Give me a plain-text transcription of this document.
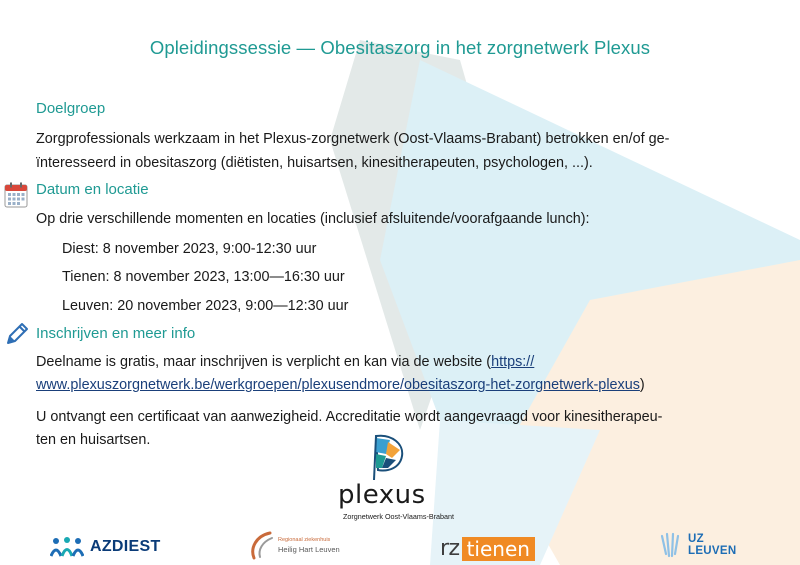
Opleidingssessie — Obesitaszorg in het zorgnetwerk Plexus
Doelgroep
Zorgprofessionals werkzaam in het Plexus-zorgnetwerk (Oost-Vlaams-Brabant) betrokken en/of ge-
ïnteresseerd in obesitaszorg (diëtisten, huisartsen, kinesitherapeuten, psychologen, ...).
Datum en locatie
Op drie verschillende momenten en locaties (inclusief afsluitende/voorafgaande lunch):
Diest: 8 november 2023, 9:00-12:30 uur
Tienen: 8 november 2023, 13:00—16:30 uur
Leuven: 20 november 2023, 9:00—12:30 uur
Inschrijven en meer info
Deelname is gratis, maar inschrijven is verplicht en kan via de website (https://
www.plexuszorgnetwerk.be/werkgroepen/plexusendmore/obesitaszorg-het-zorgnetwerk-plexus)
U ontvangt een certificaat van aanwezigheid. Accreditatie wordt aangevraagd voor kinesitherapeu-
ten en huisartsen.
plexus
Zorgnetwerk Oost-Vlaams-Brabant
AZDIEST	Regionaal ziekenhuis
Heilig Hart Leuven	rz tienen	UZ
LEUVEN
